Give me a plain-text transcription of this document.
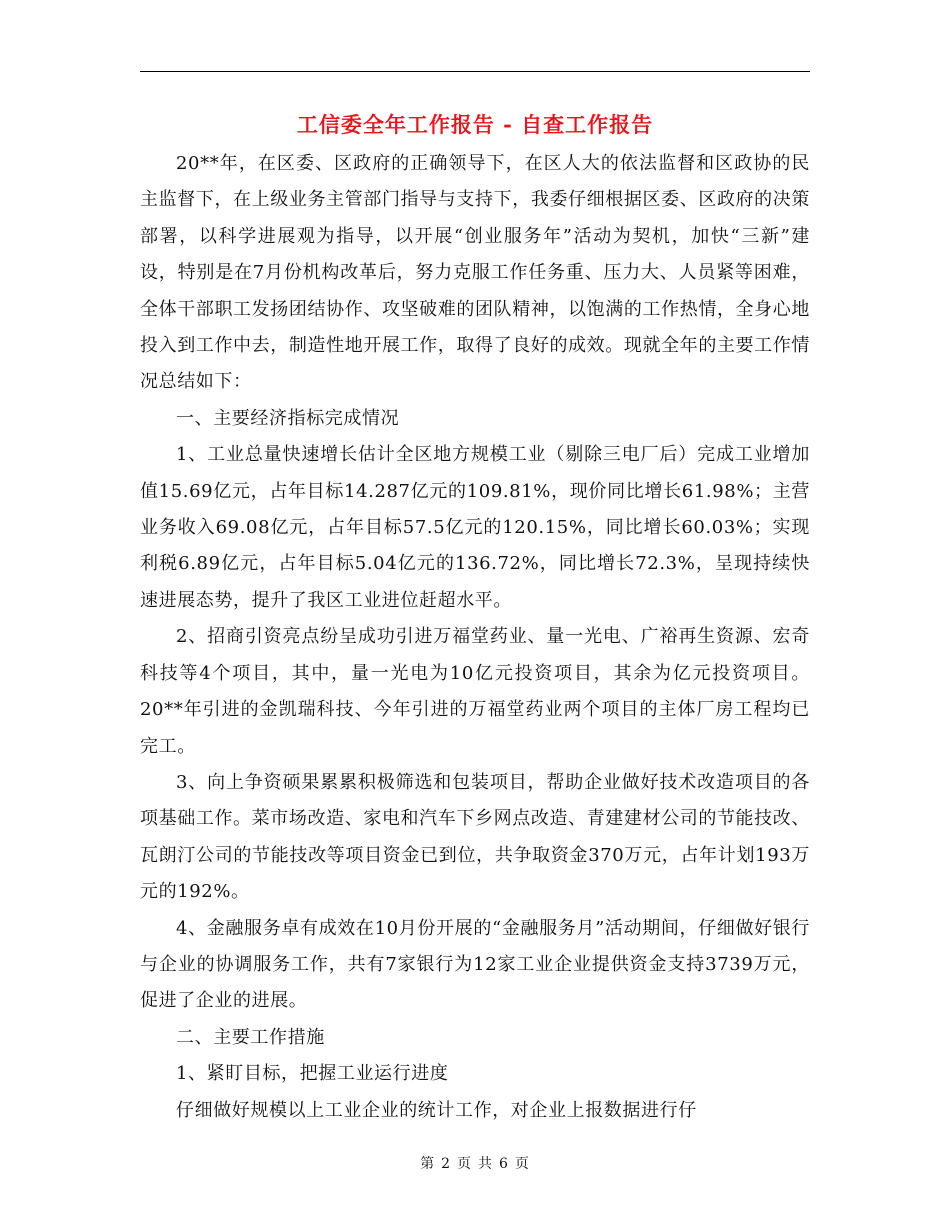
工信委全年工作报告 - 自查工作报告

20**年，在区委、区政府的正确领导下，在区人大的依法监督和区政协的民主监督下，在上级业务主管部门指导与支持下，我委仔细根据区委、区政府的决策部署，以科学进展观为指导，以开展“创业服务年”活动为契机，加快“三新”建设，特别是在7月份机构改革后，努力克服工作任务重、压力大、人员紧等困难，全体干部职工发扬团结协作、攻坚破难的团队精神，以饱满的工作热情，全身心地投入到工作中去，制造性地开展工作，取得了良好的成效。现就全年的主要工作情况总结如下：

一、主要经济指标完成情况

1、工业总量快速增长估计全区地方规模工业（剔除三电厂后）完成工业增加值15.69亿元，占年目标14.287亿元的109.81%，现价同比增长61.98%；主营业务收入69.08亿元，占年目标57.5亿元的120.15%，同比增长60.03%；实现利税6.89亿元，占年目标5.04亿元的136.72%，同比增长72.3%，呈现持续快速进展态势，提升了我区工业进位赶超水平。

2、招商引资亮点纷呈成功引进万福堂药业、量一光电、广裕再生资源、宏奇科技等4个项目，其中，量一光电为10亿元投资项目，其余为亿元投资项目。20**年引进的金凯瑞科技、今年引进的万福堂药业两个项目的主体厂房工程均已完工。

3、向上争资硕果累累积极筛选和包装项目，帮助企业做好技术改造项目的各项基础工作。菜市场改造、家电和汽车下乡网点改造、青建建材公司的节能技改、瓦朗汀公司的节能技改等项目资金已到位，共争取资金370万元，占年计划193万元的192%。

4、金融服务卓有成效在10月份开展的“金融服务月”活动期间，仔细做好银行与企业的协调服务工作，共有7家银行为12家工业企业提供资金支持3739万元，促进了企业的进展。

二、主要工作措施

1、紧盯目标，把握工业运行进度

仔细做好规模以上工业企业的统计工作，对企业上报数据进行仔

第 2 页 共 6 页
